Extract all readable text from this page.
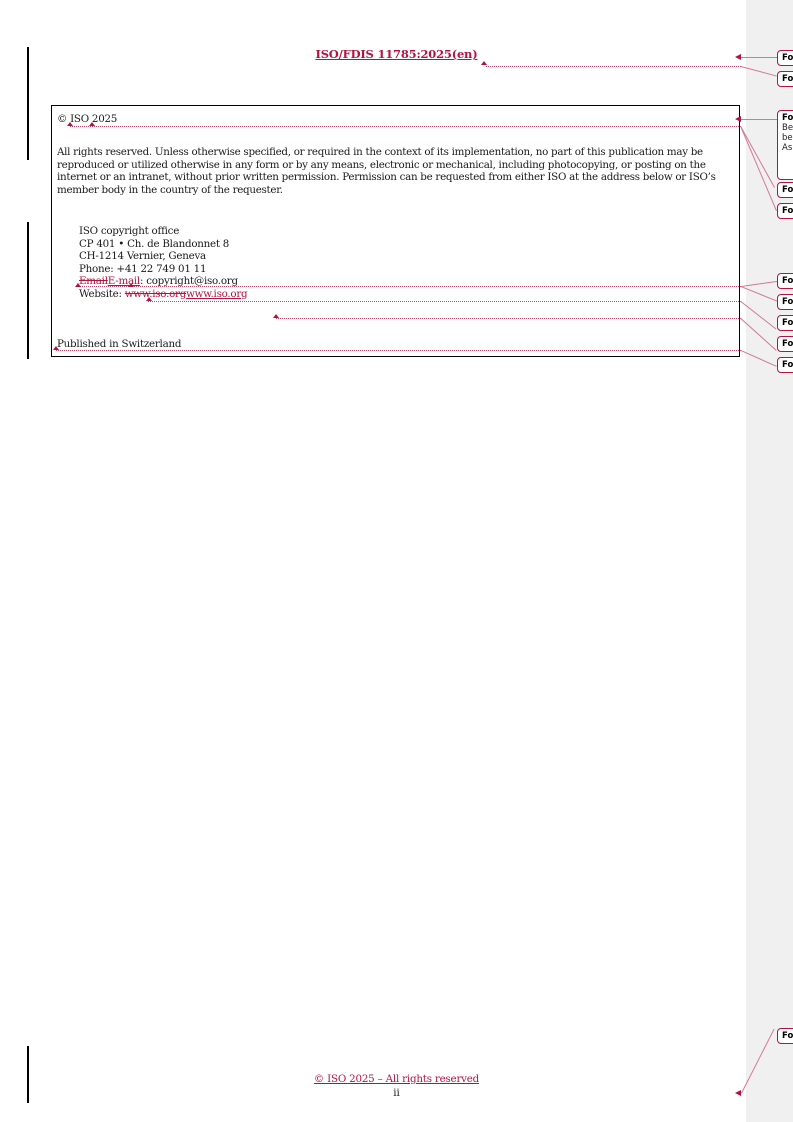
ISO/FDIS 11785:2025(en)
© ISO 2025
All rights reserved. Unless otherwise specified, or required in the context of its implementation, no part of this publication may be reproduced or utilized otherwise in any form or by any means, electronic or mechanical, including photocopying, or posting on the internet or an intranet, without prior written permission. Permission can be requested from either ISO at the address below or ISO’s member body in the country of the requester.
ISO copyright office
CP 401 • Ch. de Blandonnet 8
CH-1214 Vernier, Geneva
Phone: +41 22 749 01 11
EmailE-mail: copyright@iso.org
Website: www.iso.orgwww.iso.org
Published in Switzerland
Fo
Fo
Fo
Be
be
As
Fo
Fo
Fo
Fo
Fo
Fo
Fo
Fo
© ISO 2025 – All rights reserved
ii
